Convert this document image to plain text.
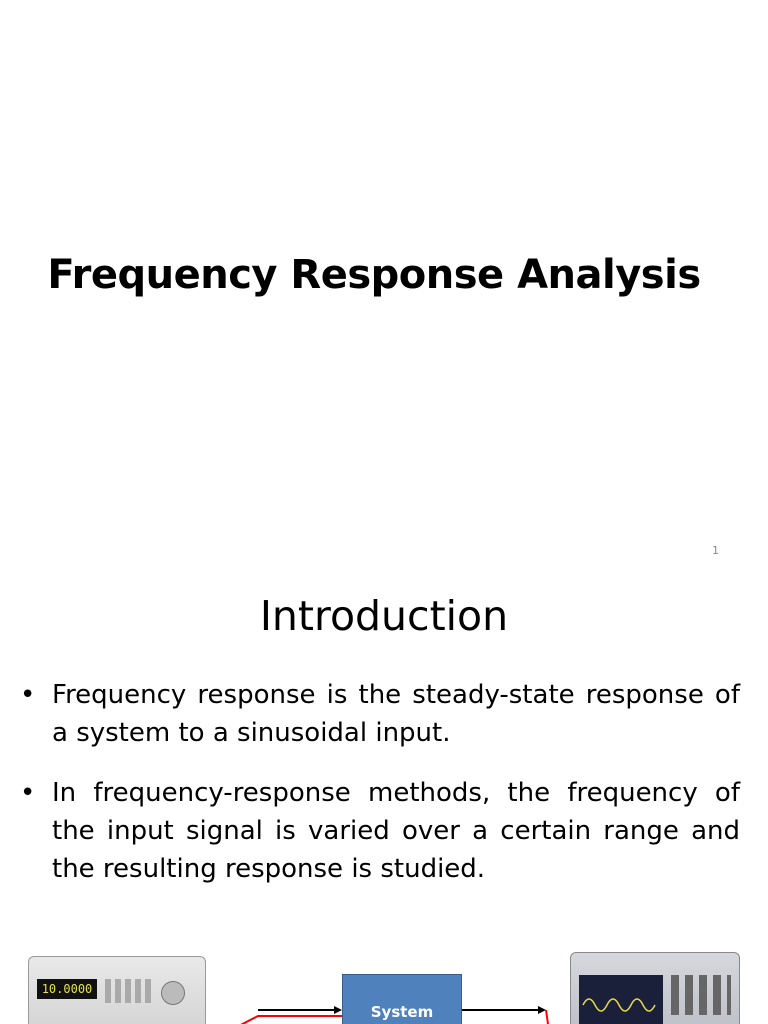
Frequency Response Analysis
1
Introduction
• Frequency response is the steady-state response of a system to a sinusoidal input.
• In frequency-response methods, the frequency of the input signal is varied over a certain range and the resulting response is studied.
10.0000
System
